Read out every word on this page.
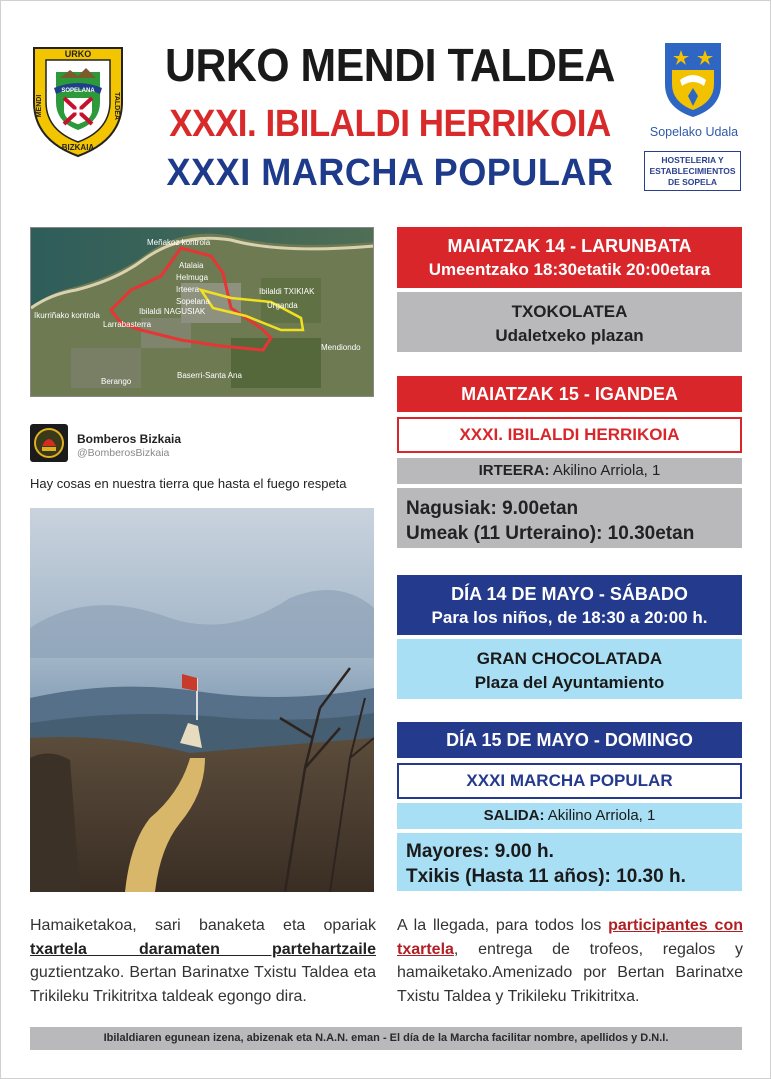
URKO
MENDI	TALDEA
SOPELANA
BIZKAIA
URKO MENDI TALDEA
XXXI. IBILALDI HERRIKOIA
XXXI MARCHA POPULAR
Sopelako Udala
HOSTELERIA Y
ESTABLECIMIENTOS
DE SOPELA
Meñakoz kontrola
Atalaia
Helmuga
Irteera
Sopelana
Ibilaldi NAGUSIAK
Ibilaldi TXIKIAK
Larrabasterra
Ikurriñako kontrola
Berango
Urganda
Mendiondo
Baserri-Santa Ana
Bomberos Bizkaia
@BomberosBizkaia
Hay cosas en nuestra tierra que hasta el fuego respeta
MAIATZAK 14 - LARUNBATA
Umeentzako 18:30etatik 20:00etara
TXOKOLATEA
Udaletxeko plazan
MAIATZAK 15 - IGANDEA
XXXI. IBILALDI HERRIKOIA
IRTEERA: Akilino Arriola, 1
Nagusiak: 9.00etan
Umeak (11 Urteraino): 10.30etan
DÍA 14 DE MAYO - SÁBADO
Para los niños, de 18:30 a 20:00 h.
GRAN CHOCOLATADA
Plaza del Ayuntamiento
DÍA 15 DE MAYO - DOMINGO
XXXI MARCHA POPULAR
SALIDA: Akilino Arriola, 1
Mayores: 9.00 h.
Txikis (Hasta 11 años): 10.30 h.
Hamaiketakoa, sari banaketa eta opariak txartela daramaten partehartzaile guztientzako. Bertan Barinatxe Txistu Taldea eta Trikileku Trikitritxa taldeak egongo dira.
A la llegada, para todos los participantes con txartela, entrega de trofeos, regalos y hamaiketako.Amenizado por Bertan Barinatxe Txistu Taldea y Trikileku Trikitritxa.
Ibilaldiaren egunean izena, abizenak eta N.A.N. eman - El día de la Marcha facilitar nombre, apellidos y D.N.I.
